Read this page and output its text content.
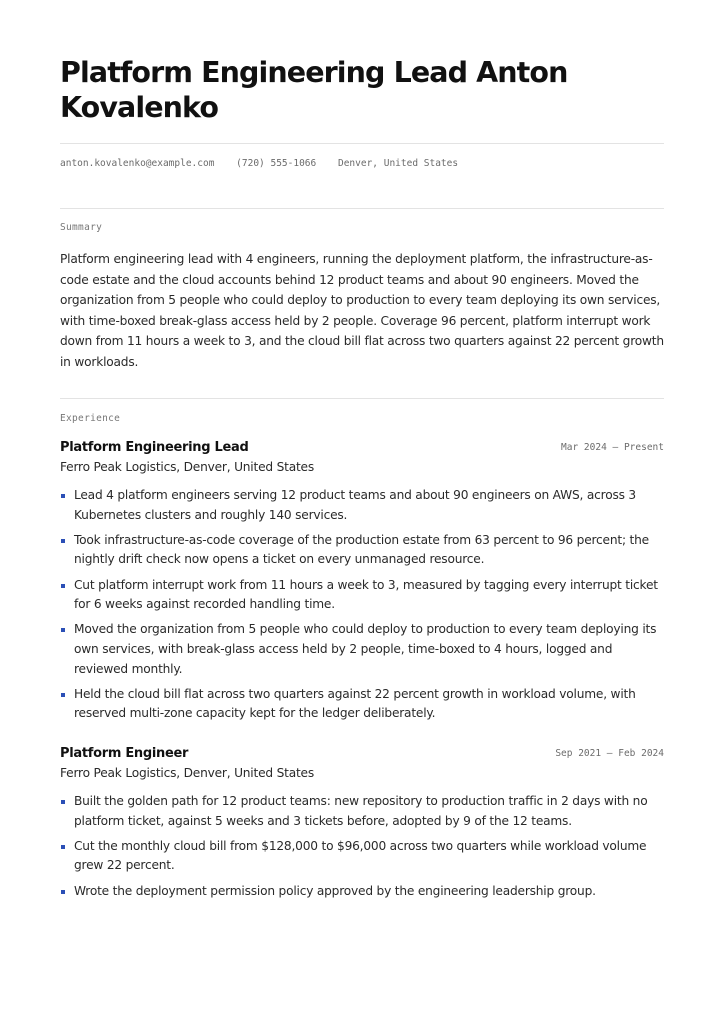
Platform Engineering Lead Anton Kovalenko
anton.kovalenko@example.com (720) 555-1066 Denver, United States
Summary

Platform engineering lead with 4 engineers, running the deployment platform, the infrastructure-as-code estate and the cloud accounts behind 12 product teams and about 90 engineers. Moved the organization from 5 people who could deploy to production to every team deploying its own services, with time-boxed break-glass access held by 2 people. Coverage 96 percent, platform interrupt work down from 11 hours a week to 3, and the cloud bill flat across two quarters against 22 percent growth in workloads.

Experience
Platform Engineering Lead	Mar 2024 — Present
Ferro Peak Logistics, Denver, United States
Lead 4 platform engineers serving 12 product teams and about 90 engineers on AWS, across 3 Kubernetes clusters and roughly 140 services.
Took infrastructure-as-code coverage of the production estate from 63 percent to 96 percent; the nightly drift check now opens a ticket on every unmanaged resource.
Cut platform interrupt work from 11 hours a week to 3, measured by tagging every interrupt ticket for 6 weeks against recorded handling time.
Moved the organization from 5 people who could deploy to production to every team deploying its own services, with break-glass access held by 2 people, time-boxed to 4 hours, logged and reviewed monthly.
Held the cloud bill flat across two quarters against 22 percent growth in workload volume, with reserved multi-zone capacity kept for the ledger deliberately.
Platform Engineer	Sep 2021 — Feb 2024
Ferro Peak Logistics, Denver, United States
Built the golden path for 12 product teams: new repository to production traffic in 2 days with no platform ticket, against 5 weeks and 3 tickets before, adopted by 9 of the 12 teams.
Cut the monthly cloud bill from $128,000 to $96,000 across two quarters while workload volume grew 22 percent.
Wrote the deployment permission policy approved by the engineering leadership group.
